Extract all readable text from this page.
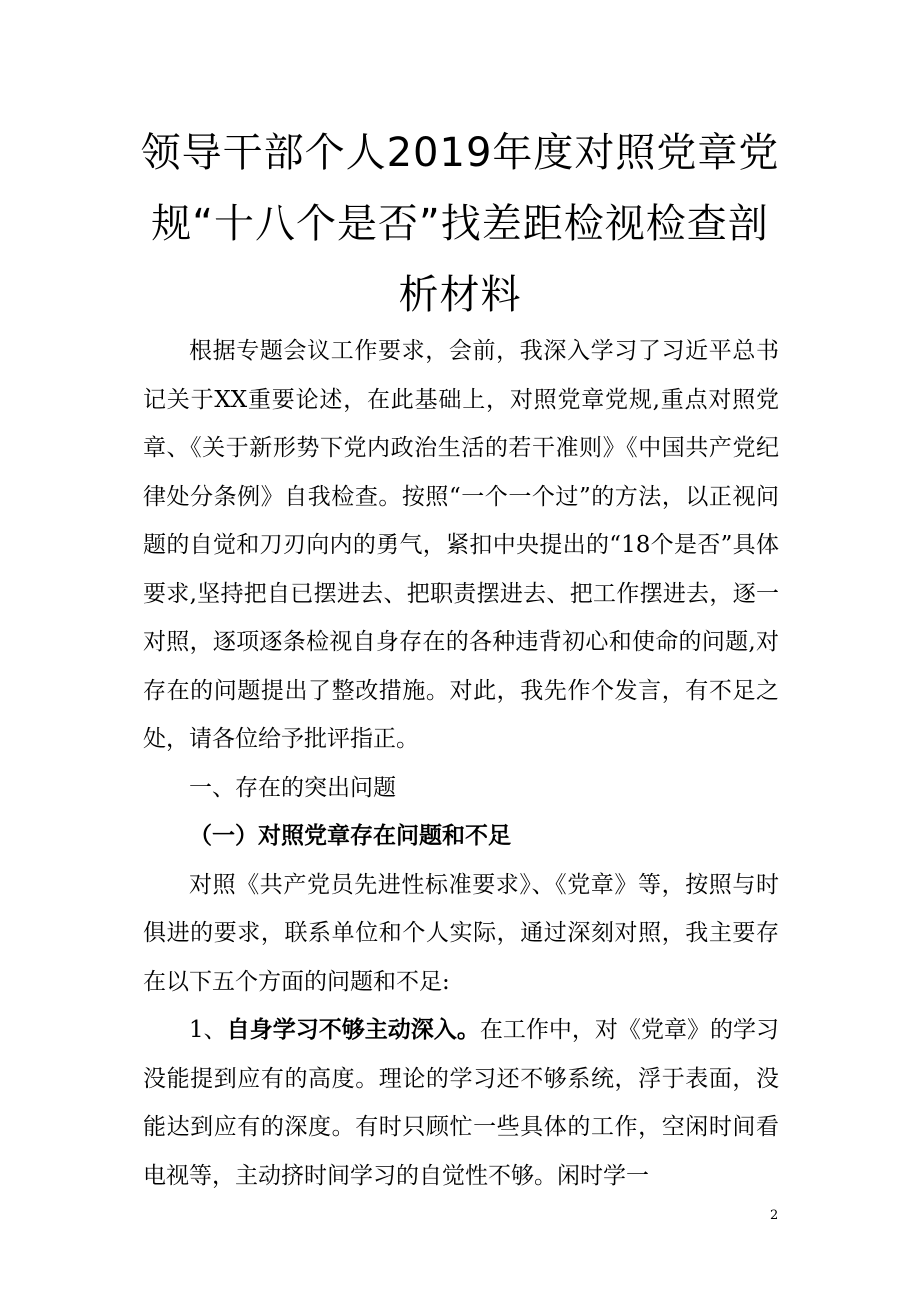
领导干部个人2019年度对照党章党规“十八个是否”找差距检视检查剖析材料

根据专题会议工作要求，会前，我深入学习了习近平总书记关于XX重要论述，在此基础上，对照党章党规,重点对照党章、《关于新形势下党内政治生活的若干准则》《中国共产党纪律处分条例》自我检查。按照“一个一个过”的方法，以正视问题的自觉和刀刃向内的勇气，紧扣中央提出的“18个是否”具体要求,坚持把自已摆进去、把职责摆进去、把工作摆进去，逐一对照，逐项逐条检视自身存在的各种违背初心和使命的问题,对存在的问题提出了整改措施。对此，我先作个发言，有不足之处，请各位给予批评指正。

一、存在的突出问题

（一）对照党章存在问题和不足

对照《共产党员先进性标准要求》、《党章》等，按照与时俱进的要求，联系单位和个人实际，通过深刻对照，我主要存在以下五个方面的问题和不足:

1、自身学习不够主动深入。在工作中，对《党章》的学习没能提到应有的高度。理论的学习还不够系统，浮于表面，没能达到应有的深度。有时只顾忙一些具体的工作，空闲时间看电视等，主动挤时间学习的自觉性不够。闲时学一

2
